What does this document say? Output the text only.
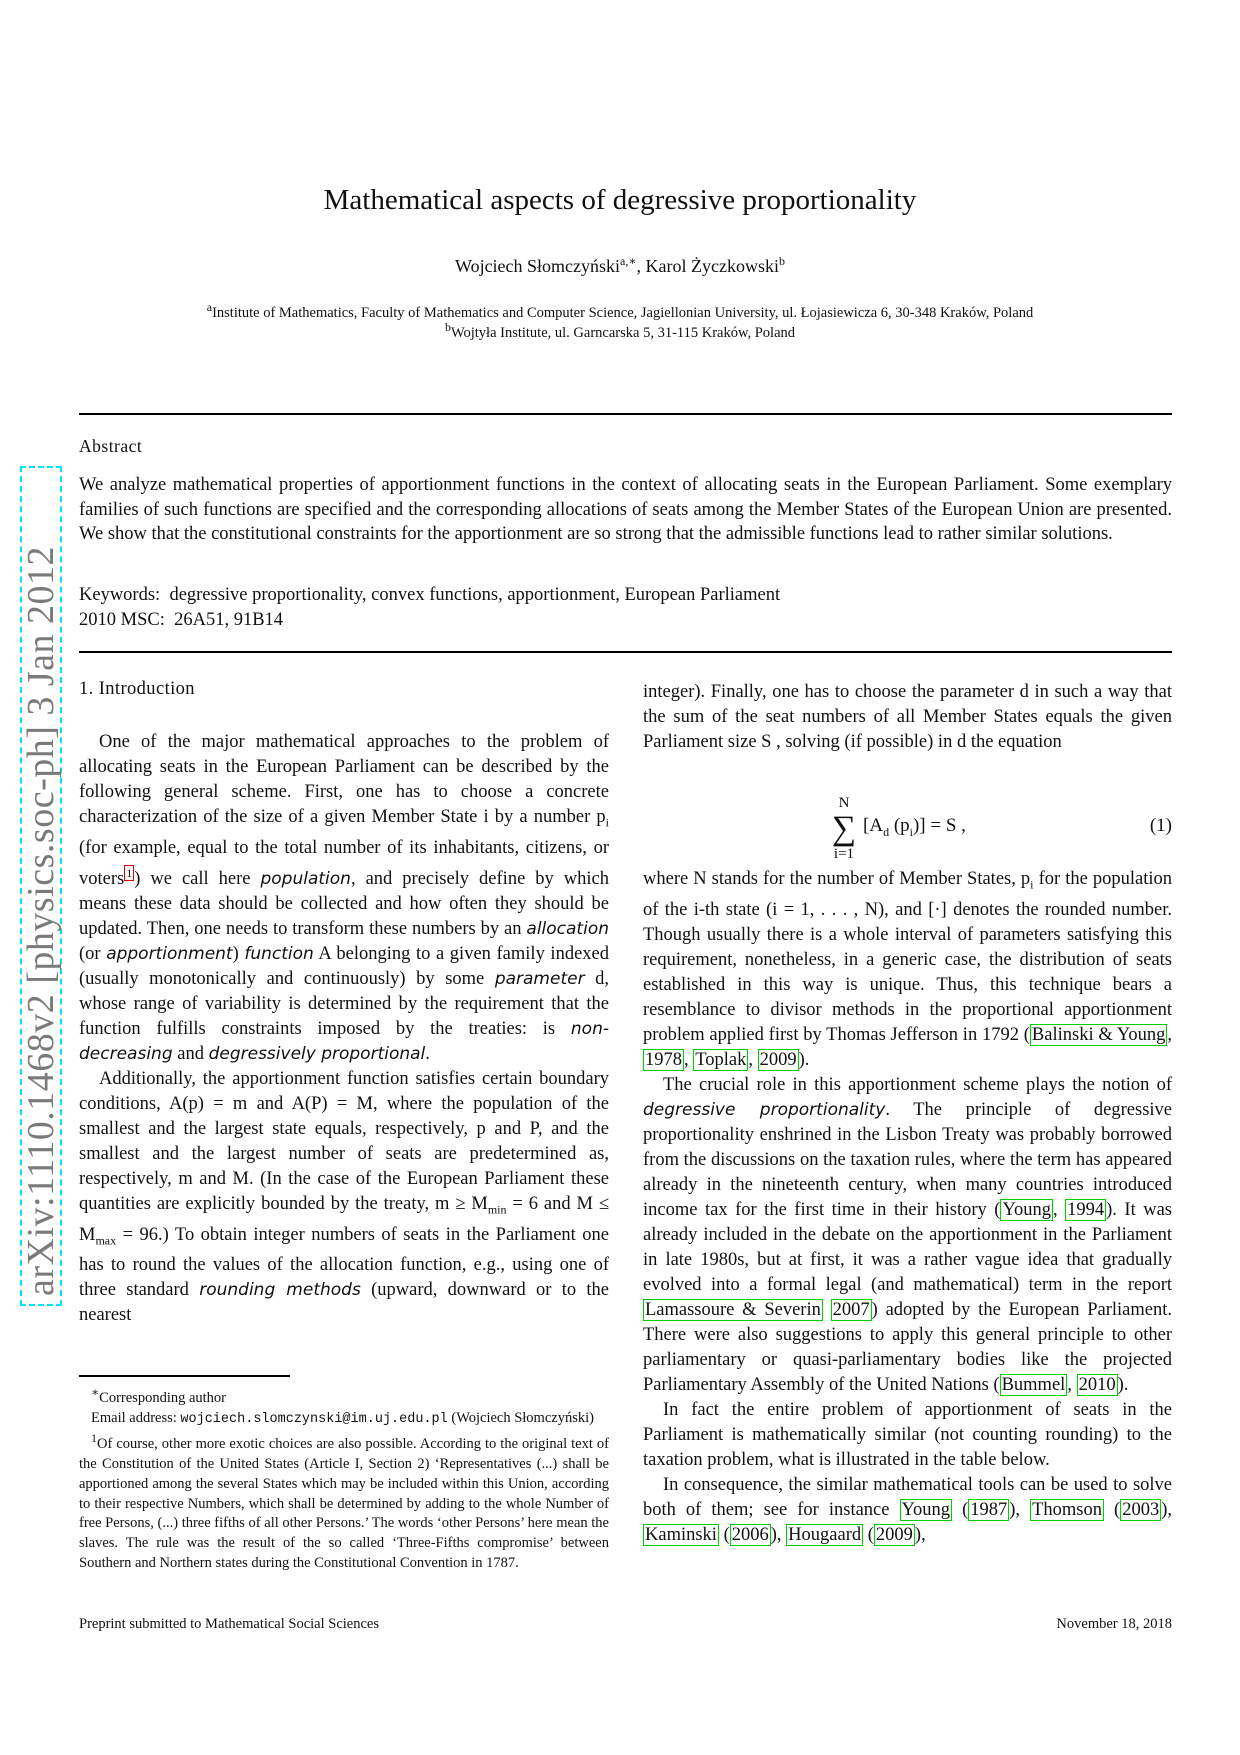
Mathematical aspects of degressive proportionality
Wojciech Słomczyński$^{a,∗}$, Karol Życzkowski$^b$
$^a$Institute of Mathematics, Faculty of Mathematics and Computer Science, Jagiellonian University, ul. Łojasiewicza 6, 30-348 Kraków, Poland
$^b$Wojtyła Institute, ul. Garncarska 5, 31-115 Kraków, Poland
arXiv:1110.1468v2 [physics.soc-ph] 3 Jan 2012
Abstract
We analyze mathematical properties of apportionment functions in the context of allocating seats in the European Parliament. Some exemplary families of such functions are specified and the corresponding allocations of seats among the Member States of the European Union are presented. We show that the constitutional constraints for the apportionment are so strong that the admissible functions lead to rather similar solutions.
Keywords: degressive proportionality, convex functions, apportionment, European Parliament
2010 MSC: 26A51, 91B14
1. Introduction

One of the major mathematical approaches to the problem of allocating seats in the European Parliament can be described by the following general scheme. First, one has to choose a concrete characterization of the size of a given Member State i by a number $p_i$ (for example, equal to the total number of its inhabitants, citizens, or voters $^1$ ) we call here population, and precisely define by which means these data should be collected and how often they should be updated. Then, one needs to transform these numbers by an allocation (or apportionment) function A belonging to a given family indexed (usually monotonically and continuously) by some parameter d, whose range of variability is determined by the requirement that the function fulfills constraints imposed by the treaties: is non-decreasing and degressively proportional.

Additionally, the apportionment function satisfies certain boundary conditions, A(p) = m and A(P) = M, where the population of the smallest and the largest state equals, respectively, p and P, and the smallest and the largest number of seats are predetermined as, respectively, m and M. (In the case of the European Parliament these quantities are explicitly bounded by the treaty, $m \ge M_{min} = 6$ and $M \le M_{max} = 96$.) To obtain integer numbers of seats in the Parliament one has to round the values of the allocation function, e.g., using one of three standard rounding methods (upward, downward or to the nearest

∗Corresponding author

Email address: wojciech.slomczynski@im.uj.edu.pl (Wojciech Słomczyński)

$^1$Of course, other more exotic choices are also possible. According to the original text of the Constitution of the United States (Article I, Section 2) ‘Representatives (...) shall be apportioned among the several States which may be included within this Union, according to their respective Numbers, which shall be determined by adding to the whole Number of free Persons, (...) three fifths of all other Persons.’ The words ‘other Persons’ here mean the slaves. The rule was the result of the so called ‘Three-Fifths compromise’ between Southern and Northern states during the Constitutional Convention in 1787.

integer). Finally, one has to choose the parameter d in such a way that the sum of the seat numbers of all Member States equals the given Parliament size S , solving (if possible) in d the equation

N
∑
i=1
[$A_d$ $(p_i)] = S$ ,	(1)

where N stands for the number of Member States, $p_i$ for the population of the i-th state (i = 1, . . . , N), and [·] denotes the rounded number. Though usually there is a whole interval of parameters satisfying this requirement, nonetheless, in a generic case, the distribution of seats established in this way is unique. Thus, this technique bears a resemblance to divisor methods in the proportional apportionment problem applied first by Thomas Jefferson in 1792 ( Balinski & Young , 1978 , Toplak , 2009 ).

The crucial role in this apportionment scheme plays the notion of degressive proportionality. The principle of degressive proportionality enshrined in the Lisbon Treaty was probably borrowed from the discussions on the taxation rules, where the term has appeared already in the nineteenth century, when many countries introduced income tax for the first time in their history ( Young , 1994 ). It was already included in the debate on the apportionment in the Parliament in late 1980s, but at first, it was a rather vague idea that gradually evolved into a formal legal (and mathematical) term in the report Lamassoure & Severin 2007 ) adopted by the European Parliament. There were also suggestions to apply this general principle to other parliamentary or quasi-parliamentary bodies like the projected Parliamentary Assembly of the United Nations ( Bummel , 2010 ).

In fact the entire problem of apportionment of seats in the Parliament is mathematically similar (not counting rounding) to the taxation problem, what is illustrated in the table below.

In consequence, the similar mathematical tools can be used to solve both of them; see for instance Young ( 1987 ), Thomson ( 2003 ), Kaminski ( 2006 ), Hougaard ( 2009 ),

Preprint submitted to Mathematical Social Sciences	November 18, 2018
